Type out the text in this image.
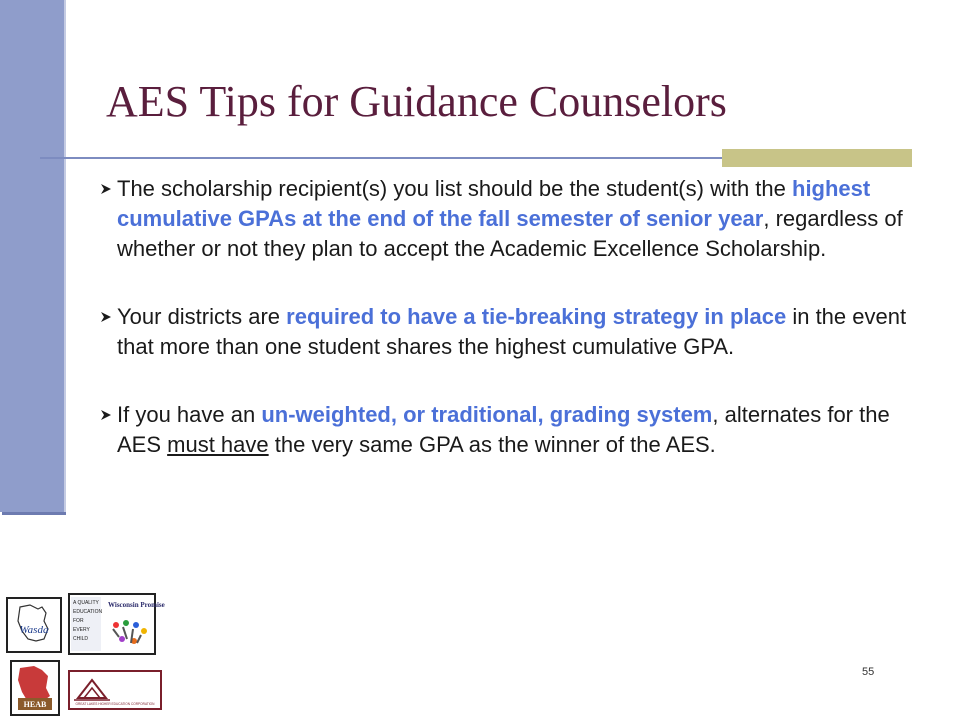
AES Tips for Guidance Counselors
The scholarship recipient(s) you list should be the student(s) with the highest cumulative GPAs at the end of the fall semester of senior year, regardless of whether or not they plan to accept the Academic Excellence Scholarship.
Your districts are required to have a tie-breaking strategy in place in the event that more than one student shares the highest cumulative GPA.
If you have an un-weighted, or traditional, grading system, alternates for the AES must have the very same GPA as the winner of the AES.
Wasda
A QUALITY
EDUCATION
FOR
EVERY
CHILD
Wisconsin Promise
HEAB	GREAT LAKES HIGHER EDUCATION CORPORATION
55
